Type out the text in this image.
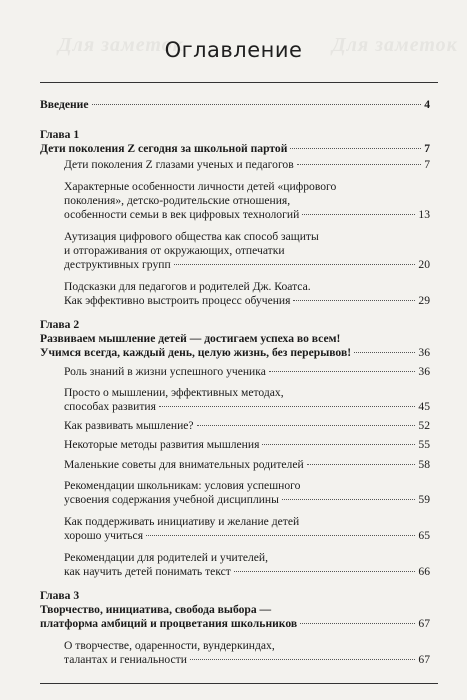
Для заметок	Для заметок
Оглавление
Введение	4
Глава 1
Дети поколения Z сегодня за школьной партой	7
Дети поколения Z глазами ученых и педагогов	7
Характерные особенности личности детей «цифрового
поколения», детско-родительские отношения,
особенности семьи в век цифровых технологий	13
Аутизация цифрового общества как способ защиты
и отгораживания от окружающих, отпечатки
деструктивных групп	20
Подсказки для педагогов и родителей Дж. Коатса.
Как эффективно выстроить процесс обучения	29
Глава 2
Развиваем мышление детей — достигаем успеха во всем!
Учимся всегда, каждый день, целую жизнь, без перерывов!	36
Роль знаний в жизни успешного ученика	36
Просто о мышлении, эффективных методах,
способах развития	45
Как развивать мышление?	52
Некоторые методы развития мышления	55
Маленькие советы для внимательных родителей	58
Рекомендации школьникам: условия успешного
усвоения содержания учебной дисциплины	59
Как поддерживать инициативу и желание детей
хорошо учиться	65
Рекомендации для родителей и учителей,
как научить детей понимать текст	66
Глава 3
Творчество, инициатива, свобода выбора —
платформа амбиций и процветания школьников	67
О творчестве, одаренности, вундеркиндах,
талантах и гениальности	67
